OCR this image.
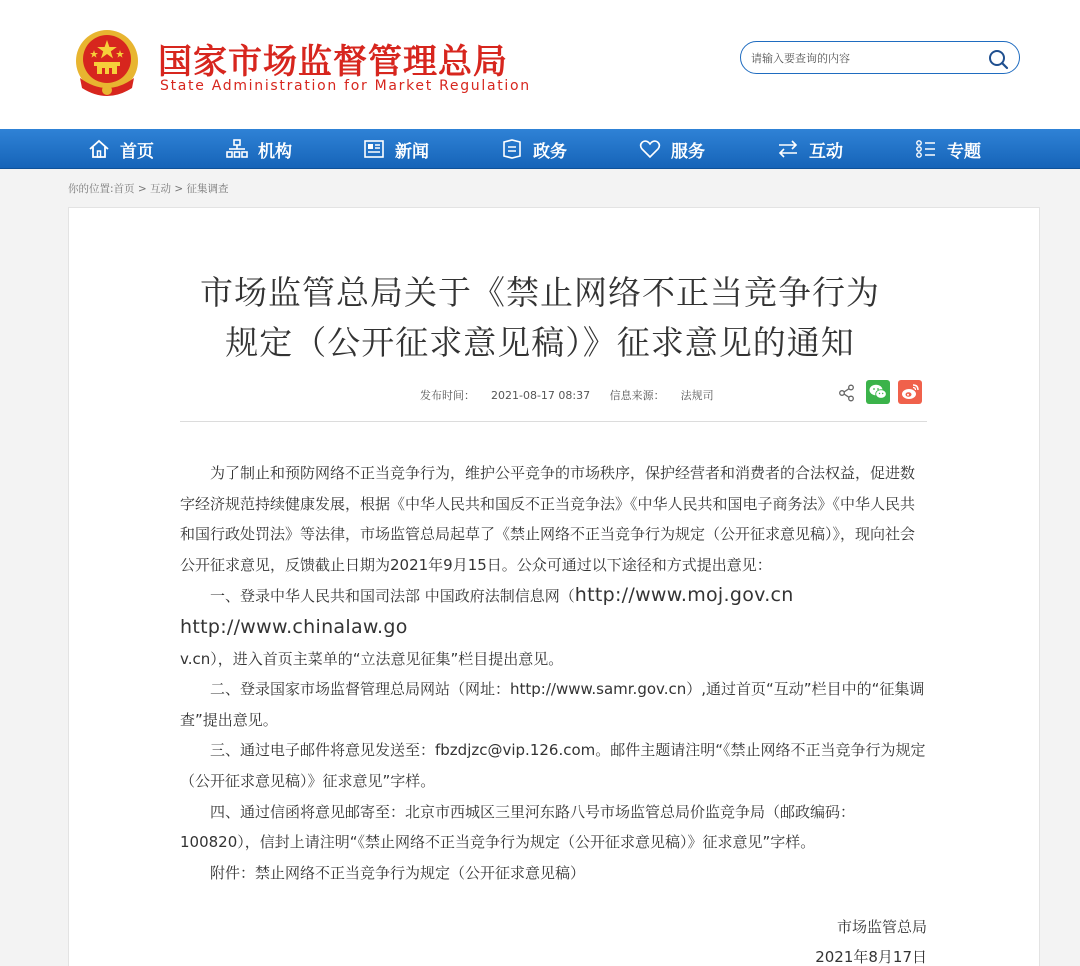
国家市场监督管理总局
State Administration for Market Regulation
请输入要查询的内容
首页	机构	新闻	政务	服务	互动	专题
你的位置:首页 > 互动 > 征集调查
市场监管总局关于《禁止网络不正当竞争行为
规定（公开征求意见稿）》征求意见的通知
发布时间： 2021-08-17 08:37 信息来源： 法规司

为了制止和预防网络不正当竞争行为，维护公平竞争的市场秩序，保护经营者和消费者的合法权益，促进数字经济规范持续健康发展，根据《中华人民共和国反不正当竞争法》《中华人民共和国电子商务法》《中华人民共和国行政处罚法》等法律，市场监管总局起草了《禁止网络不正当竞争行为规定（公开征求意见稿）》，现向社会公开征求意见，反馈截止日期为2021年9月15日。公众可通过以下途径和方式提出意见：

一、登录中华人民共和国司法部 中国政府法制信息网（http://www.moj.gov.cn

http://www.chinalaw.go

v.cn），进入首页主菜单的“立法意见征集”栏目提出意见。

二、登录国家市场监督管理总局网站（网址：http://www.samr.gov.cn）,通过首页“互动”栏目中的“征集调查”提出意见。

三、通过电子邮件将意见发送至：fbzdjzc@vip.126.com。邮件主题请注明“《禁止网络不正当竞争行为规定（公开征求意见稿）》征求意见”字样。

四、通过信函将意见邮寄至：北京市西城区三里河东路八号市场监管总局价监竞争局（邮政编码：100820），信封上请注明“《禁止网络不正当竞争行为规定（公开征求意见稿）》征求意见”字样。

附件：禁止网络不正当竞争行为规定（公开征求意见稿）

市场监管总局
2021年8月17日
